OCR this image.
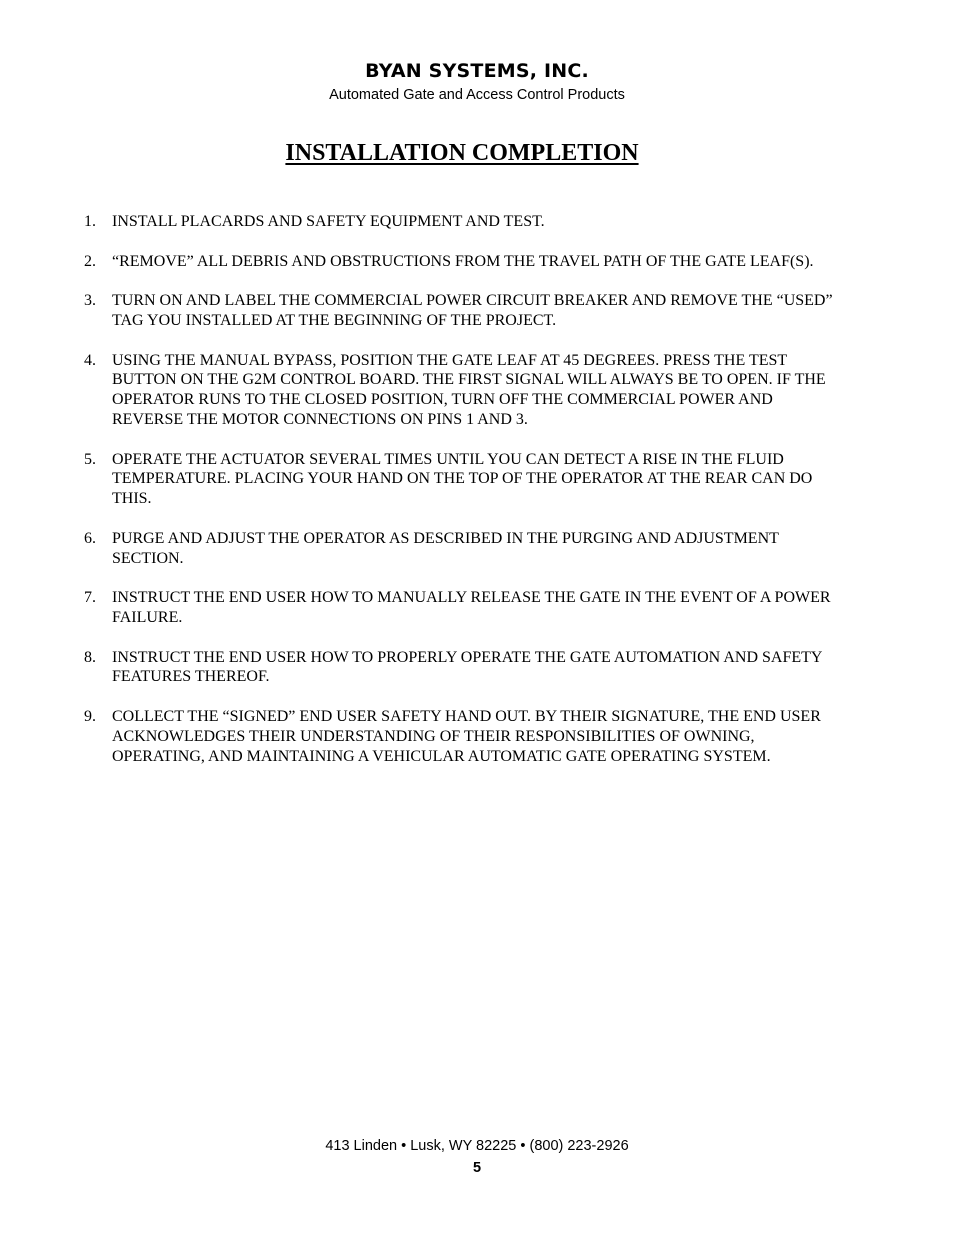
BYAN SYSTEMS, INC.
Automated Gate and Access Control Products
INSTALLATION COMPLETION
1.	INSTALL PLACARDS AND SAFETY EQUIPMENT AND TEST.
2.	“REMOVE” ALL DEBRIS AND OBSTRUCTIONS FROM THE TRAVEL PATH OF THE GATE LEAF(S).
3.	TURN ON AND LABEL THE COMMERCIAL POWER CIRCUIT BREAKER AND REMOVE THE “USED” TAG YOU INSTALLED AT THE BEGINNING OF THE PROJECT.
4.	USING THE MANUAL BYPASS, POSITION THE GATE LEAF AT 45 DEGREES. PRESS THE TEST BUTTON ON THE G2M CONTROL BOARD. THE FIRST SIGNAL WILL ALWAYS BE TO OPEN. IF THE OPERATOR RUNS TO THE CLOSED POSITION, TURN OFF THE COMMERCIAL POWER AND REVERSE THE MOTOR CONNECTIONS ON PINS 1 AND 3.
5.	OPERATE THE ACTUATOR SEVERAL TIMES UNTIL YOU CAN DETECT A RISE IN THE FLUID TEMPERATURE. PLACING YOUR HAND ON THE TOP OF THE OPERATOR AT THE REAR CAN DO THIS.
6.	PURGE AND ADJUST THE OPERATOR AS DESCRIBED IN THE PURGING AND ADJUSTMENT SECTION.
7.	INSTRUCT THE END USER HOW TO MANUALLY RELEASE THE GATE IN THE EVENT OF A POWER FAILURE.
8.	INSTRUCT THE END USER HOW TO PROPERLY OPERATE THE GATE AUTOMATION AND SAFETY FEATURES THEREOF.
9.	COLLECT THE “SIGNED” END USER SAFETY HAND OUT. BY THEIR SIGNATURE, THE END USER ACKNOWLEDGES THEIR UNDERSTANDING OF THEIR RESPONSIBILITIES OF OWNING, OPERATING, AND MAINTAINING A VEHICULAR AUTOMATIC GATE OPERATING SYSTEM.
413 Linden • Lusk, WY 82225 • (800) 223-2926
5
